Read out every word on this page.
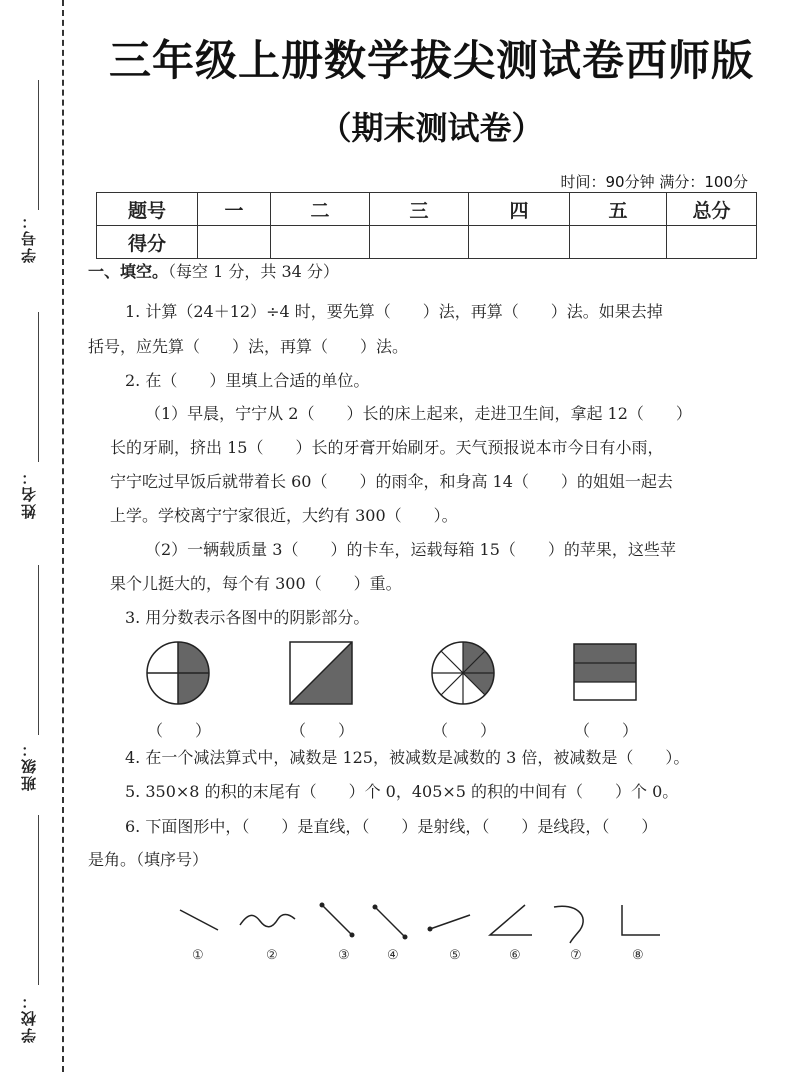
学号：
姓名：
班级：
学校：
三年级上册数学拔尖测试卷西师版
（期末测试卷）
时间：90分钟 满分：100分
题号	一	二	三	四	五	总分
得分						
一、填空。（每空 1 分，共 34 分）
1. 计算（24＋12）÷4 时，要先算（　　）法，再算（　　）法。如果去掉
括号，应先算（　　）法，再算（　　）法。
2. 在（　　）里填上合适的单位。
（1）早晨，宁宁从 2（　　）长的床上起来，走进卫生间，拿起 12（　　）
长的牙刷，挤出 15（　　）长的牙膏开始刷牙。天气预报说本市今日有小雨，
宁宁吃过早饭后就带着长 60（　　）的雨伞，和身高 14（　　）的姐姐一起去
上学。学校离宁宁家很近，大约有 300（　　）。
（2）一辆载质量 3（　　）的卡车，运载每箱 15（　　）的苹果，这些苹
果个儿挺大的，每个有 300（　　）重。
3. 用分数表示各图中的阴影部分。
（　　）	（　　）	（　　）	（　　）
4. 在一个减法算式中，减数是 125，被减数是减数的 3 倍，被减数是（　　）。
5. 350×8 的积的末尾有（　　）个 0，405×5 的积的中间有（　　）个 0。
6. 下面图形中，（　　）是直线，（　　）是射线，（　　）是线段，（　　）
是角。（填序号）
①	②	③	④	⑤	⑥	⑦	⑧
